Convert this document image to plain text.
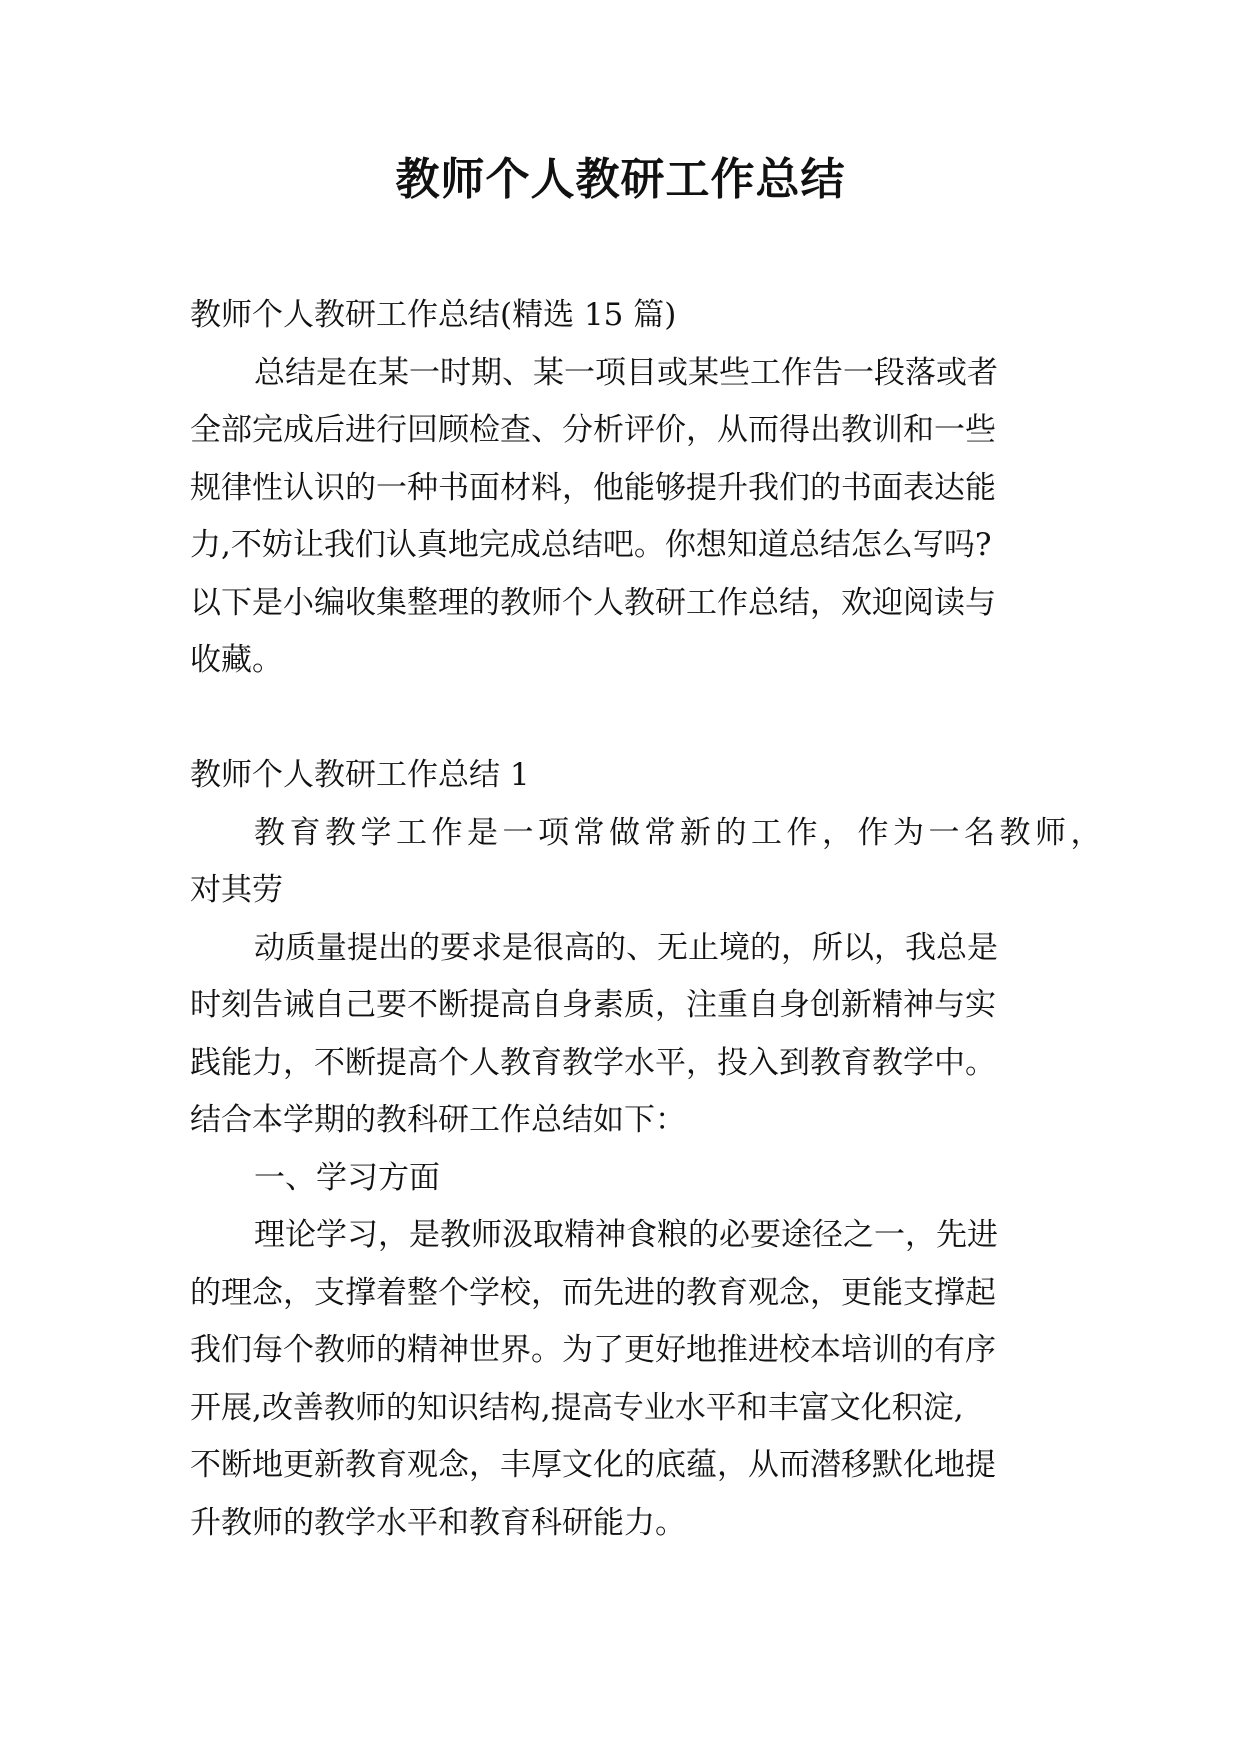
教师个人教研工作总结
教师个人教研工作总结(精选 15 篇)
总结是在某一时期、某一项目或某些工作告一段落或者
全部完成后进行回顾检查、分析评价，从而得出教训和一些
规律性认识的一种书面材料，他能够提升我们的书面表达能
力,不妨让我们认真地完成总结吧。你想知道总结怎么写吗?
以下是小编收集整理的教师个人教研工作总结，欢迎阅读与
收藏。
教师个人教研工作总结 1
教育教学工作是一项常做常新的工作，作为一名教师，
对其劳
动质量提出的要求是很高的、无止境的，所以，我总是
时刻告诫自己要不断提高自身素质，注重自身创新精神与实
践能力，不断提高个人教育教学水平，投入到教育教学中。
结合本学期的教科研工作总结如下：
一、学习方面
理论学习，是教师汲取精神食粮的必要途径之一，先进
的理念，支撑着整个学校，而先进的教育观念，更能支撑起
我们每个教师的精神世界。为了更好地推进校本培训的有序
开展,改善教师的知识结构,提高专业水平和丰富文化积淀,
不断地更新教育观念，丰厚文化的底蕴，从而潜移默化地提
升教师的教学水平和教育科研能力。
